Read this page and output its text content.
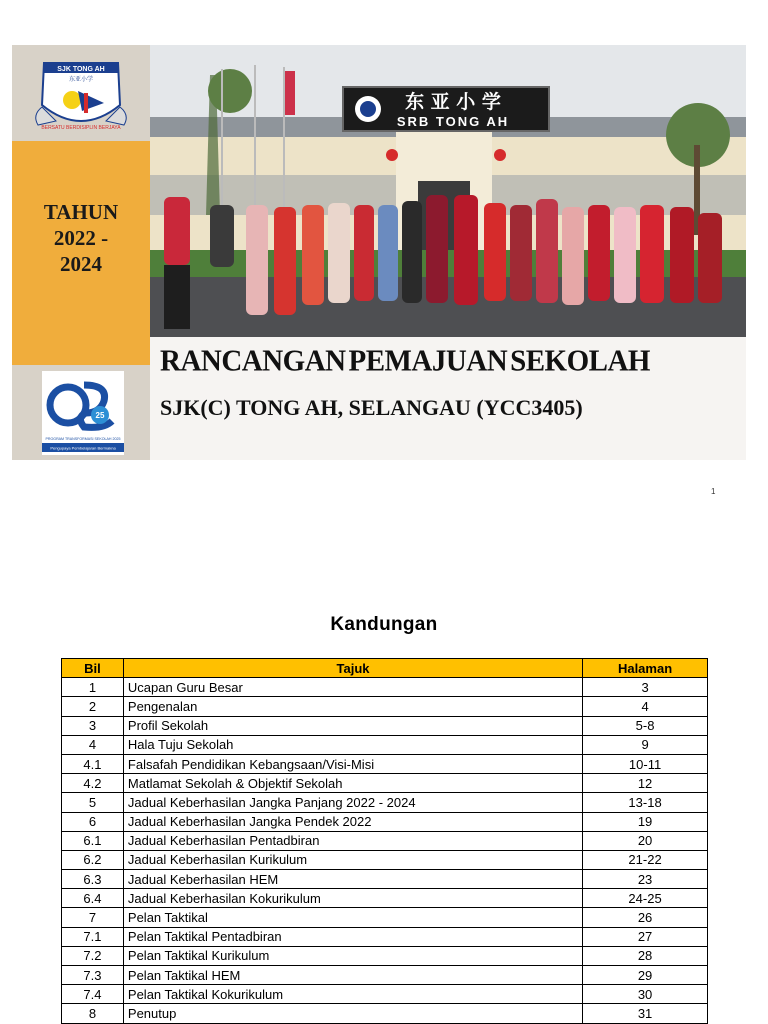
SJK TONG AH
东亚小学
BERSATU BERDISIPLIN BERJAYA
TAHUN
2022 -
2024
25
PROGRAM TRANSFORMASI SEKOLAH 2025
Pengupaya Pembelajaran Bermakna
东 亚 小 学
SRB TONG AH
RANCANGAN PEMAJUAN SEKOLAH
SJK(C) TONG AH, SELANGAU (YCC3405)
1
Kandungan
Bil	Tajuk	Halaman
1	Ucapan Guru Besar	3
2	Pengenalan	4
3	Profil Sekolah	5-8
4	Hala Tuju Sekolah	9
4.1	Falsafah Pendidikan Kebangsaan/Visi-Misi	10-11
4.2	Matlamat Sekolah & Objektif Sekolah	12
5	Jadual Keberhasilan Jangka Panjang 2022 - 2024	13-18
6	Jadual Keberhasilan Jangka Pendek 2022	19
6.1	Jadual Keberhasilan Pentadbiran	20
6.2	Jadual Keberhasilan Kurikulum	21-22
6.3	Jadual Keberhasilan HEM	23
6.4	Jadual Keberhasilan Kokurikulum	24-25
7	Pelan Taktikal	26
7.1	Pelan Taktikal Pentadbiran	27
7.2	Pelan Taktikal Kurikulum	28
7.3	Pelan Taktikal HEM	29
7.4	Pelan Taktikal Kokurikulum	30
8	Penutup	31
